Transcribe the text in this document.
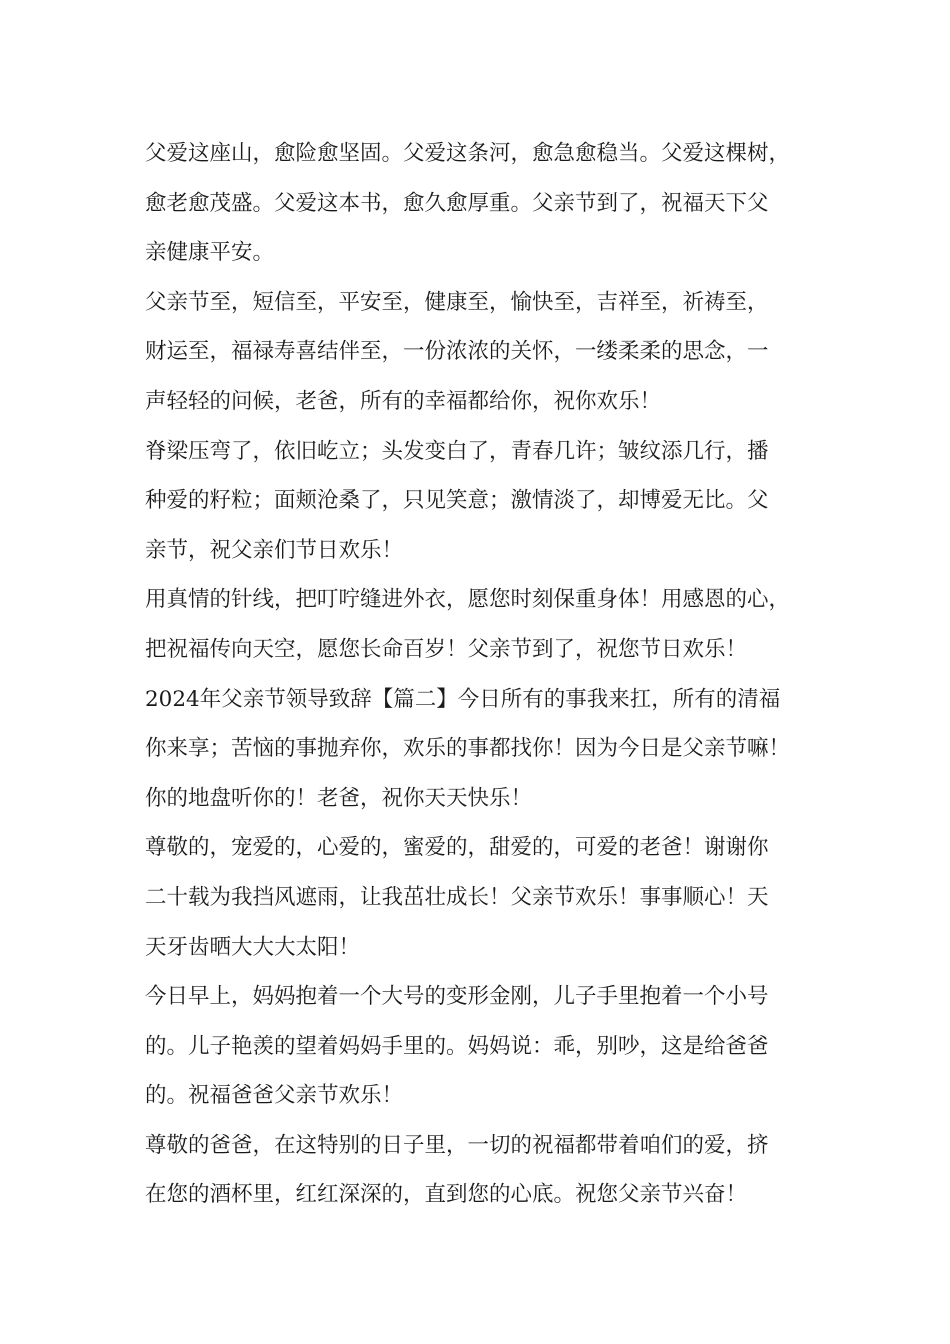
父爱这座山，愈险愈坚固。父爱这条河，愈急愈稳当。父爱这棵树，
愈老愈茂盛。父爱这本书，愈久愈厚重。父亲节到了，祝福天下父
亲健康平安。
父亲节至，短信至，平安至，健康至，愉快至，吉祥至，祈祷至，
财运至，福禄寿喜结伴至，一份浓浓的关怀，一缕柔柔的思念，一
声轻轻的问候，老爸，所有的幸福都给你，祝你欢乐！
脊梁压弯了，依旧屹立；头发变白了，青春几许；皱纹添几行，播
种爱的籽粒；面颊沧桑了，只见笑意；激情淡了，却博爱无比。父
亲节，祝父亲们节日欢乐！
用真情的针线，把叮咛缝进外衣，愿您时刻保重身体！用感恩的心，
把祝福传向天空，愿您长命百岁！父亲节到了，祝您节日欢乐！
2024年父亲节领导致辞【篇二】今日所有的事我来扛，所有的清福
你来享；苦恼的事抛弃你，欢乐的事都找你！因为今日是父亲节嘛！
你的地盘听你的！老爸，祝你天天快乐！
尊敬的，宠爱的，心爱的，蜜爱的，甜爱的，可爱的老爸！谢谢你
二十载为我挡风遮雨，让我茁壮成长！父亲节欢乐！事事顺心！天
天牙齿晒大大大太阳！
今日早上，妈妈抱着一个大号的变形金刚，儿子手里抱着一个小号
的。儿子艳羡的望着妈妈手里的。妈妈说：乖，别吵，这是给爸爸
的。祝福爸爸父亲节欢乐！
尊敬的爸爸，在这特别的日子里，一切的祝福都带着咱们的爱，挤
在您的酒杯里，红红深深的，直到您的心底。祝您父亲节兴奋！
